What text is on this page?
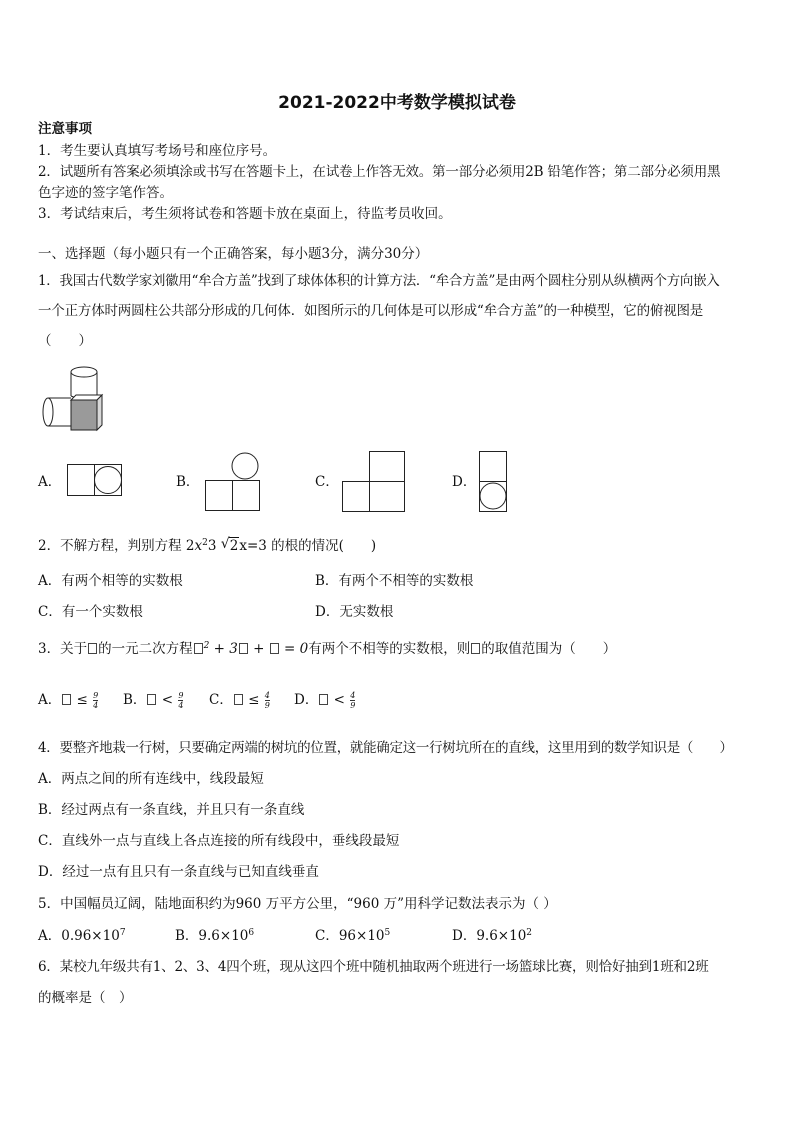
2021-2022中考数学模拟试卷
注意事项
1．考生要认真填写考场号和座位序号。
2．试题所有答案必须填涂或书写在答题卡上，在试卷上作答无效。第一部分必须用2B 铅笔作答；第二部分必须用黑
色字迹的签字笔作答。
3．考试结束后，考生须将试卷和答题卡放在桌面上，待监考员收回。
一、选择题（每小题只有一个正确答案，每小题3分，满分30分）
1．我国古代数学家刘徽用“牟合方盖”找到了球体体积的计算方法．“牟合方盖”是由两个圆柱分别从纵横两个方向嵌入
一个正方体时两圆柱公共部分形成的几何体．如图所示的几何体是可以形成“牟合方盖”的一种模型，它的俯视图是
（　　）
A．	B．	C．	D．
2．不解方程，判别方程 $2x^23$ √ 2x=3 的根的情况(　　)
A．有两个相等的实数根	B．有两个不相等的实数根
C．有一个实数根	D．无实数根
3．关于 的一元二次方程 $^2$ + 3 +  = 0有两个不相等的实数根，则 的取值范围为（　　）
A． ≤ $\frac{9}{4}$ B． < $\frac{9}{4}$ C． ≤ $\frac{4}{9}$ D． < $\frac{4}{9}$
4．要整齐地栽一行树，只要确定两端的树坑的位置，就能确定这一行树坑所在的直线，这里用到的数学知识是（　　）
A．两点之间的所有连线中，线段最短
B．经过两点有一条直线，并且只有一条直线
C．直线外一点与直线上各点连接的所有线段中，垂线段最短
D．经过一点有且只有一条直线与已知直线垂直
5．中国幅员辽阔，陆地面积约为960 万平方公里，“960 万”用科学记数法表示为（ ）
A．$0.96\times 10^7$	B．$9.6\times 10^6$	C．$96\times 10^5$	D．$9.6\times 10^2$
6．某校九年级共有1、2、3、4四个班，现从这四个班中随机抽取两个班进行一场篮球比赛，则恰好抽到1班和2班
的概率是（　）
